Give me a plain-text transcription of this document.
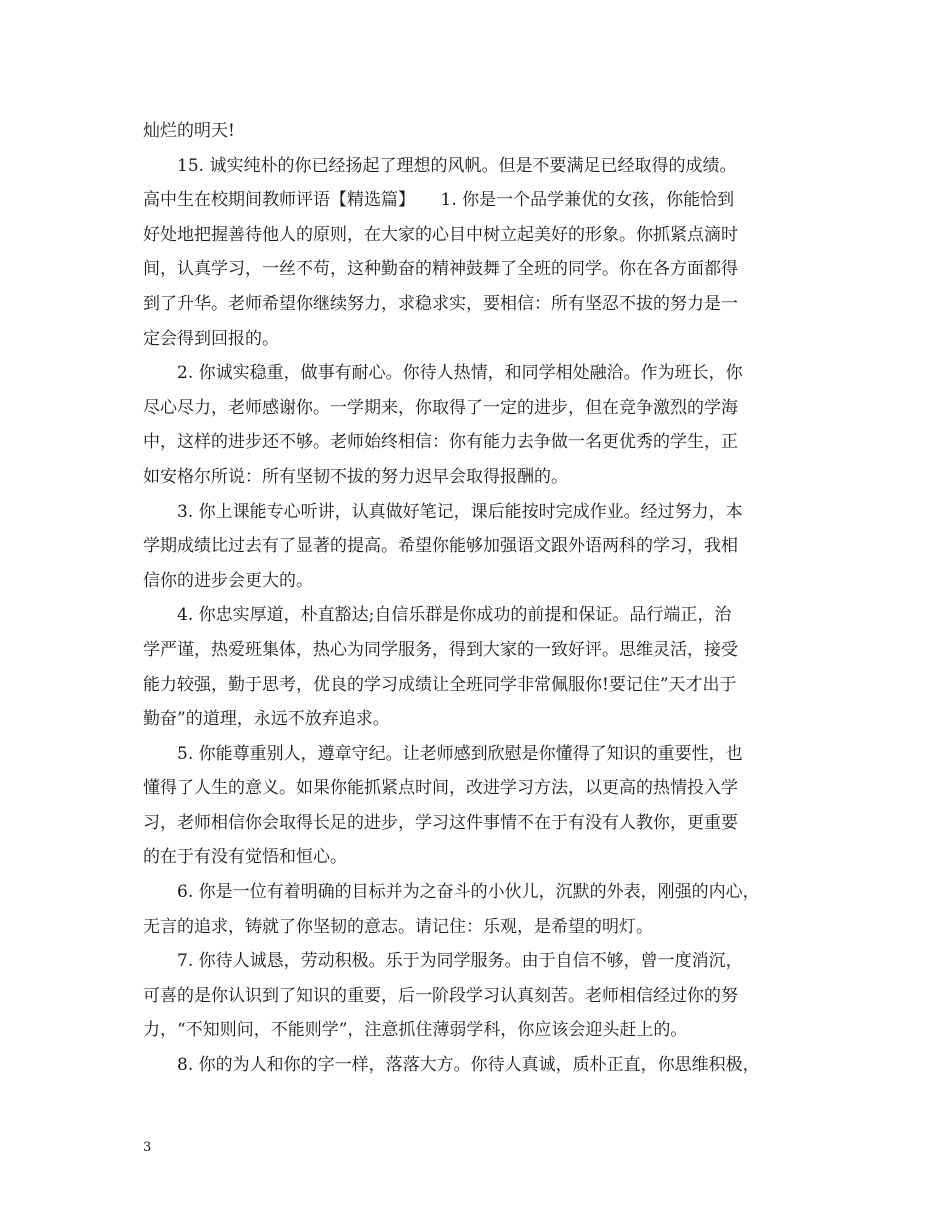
灿烂的明天!
15. 诚实纯朴的你已经扬起了理想的风帆。但是不要满足已经取得的成绩。
高中生在校期间教师评语【精选篇】　　1. 你是一个品学兼优的女孩，你能恰到
好处地把握善待他人的原则，在大家的心目中树立起美好的形象。你抓紧点滴时
间，认真学习，一丝不苟，这种勤奋的精神鼓舞了全班的同学。你在各方面都得
到了升华。老师希望你继续努力，求稳求实，要相信：所有坚忍不拔的努力是一
定会得到回报的。
2. 你诚实稳重，做事有耐心。你待人热情，和同学相处融洽。作为班长，你
尽心尽力，老师感谢你。一学期来，你取得了一定的进步，但在竞争激烈的学海
中，这样的进步还不够。老师始终相信：你有能力去争做一名更优秀的学生，正
如安格尔所说：所有坚韧不拔的努力迟早会取得报酬的。
3. 你上课能专心听讲，认真做好笔记，课后能按时完成作业。经过努力，本
学期成绩比过去有了显著的提高。希望你能够加强语文跟外语两科的学习，我相
信你的进步会更大的。
4. 你忠实厚道，朴直豁达;自信乐群是你成功的前提和保证。品行端正，治
学严谨，热爱班集体，热心为同学服务，得到大家的一致好评。思维灵活，接受
能力较强，勤于思考，优良的学习成绩让全班同学非常佩服你!要记住”天才出于
勤奋”的道理，永远不放弃追求。
5. 你能尊重别人，遵章守纪。让老师感到欣慰是你懂得了知识的重要性，也
懂得了人生的意义。如果你能抓紧点时间，改进学习方法，以更高的热情投入学
习，老师相信你会取得长足的进步，学习这件事情不在于有没有人教你，更重要
的在于有没有觉悟和恒心。
6. 你是一位有着明确的目标并为之奋斗的小伙儿，沉默的外表，刚强的内心，
无言的追求，铸就了你坚韧的意志。请记住：乐观，是希望的明灯。
7. 你待人诚恳，劳动积极。乐于为同学服务。由于自信不够，曾一度消沉，
可喜的是你认识到了知识的重要，后一阶段学习认真刻苦。老师相信经过你的努
力，“不知则问，不能则学”，注意抓住薄弱学科，你应该会迎头赶上的。
8. 你的为人和你的字一样，落落大方。你待人真诚，质朴正直，你思维积极，
3
